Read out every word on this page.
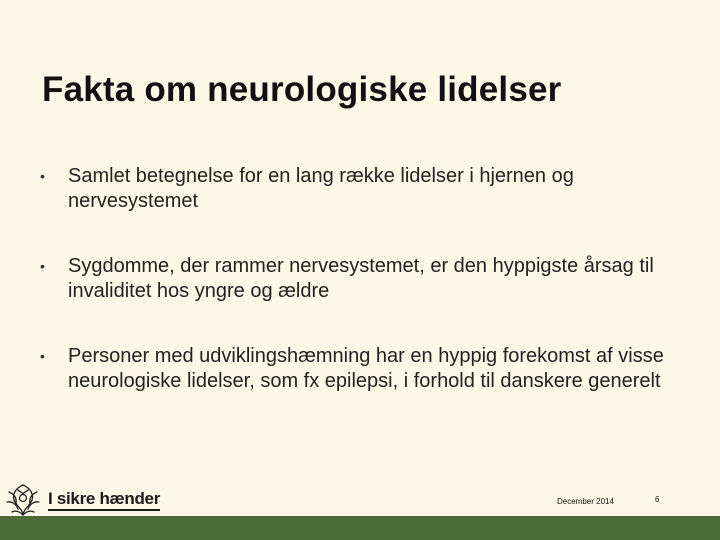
Fakta om neurologiske lidelser
• Samlet betegnelse for en lang række lidelser i hjernen og nervesystemet
• Sygdomme, der rammer nervesystemet, er den hyppigste årsag til invaliditet hos yngre og ældre
• Personer med udviklingshæmning har en hyppig forekomst af visse neurologiske lidelser, som fx epilepsi, i forhold til danskere generelt
I sikre hænder	December 2014	6
